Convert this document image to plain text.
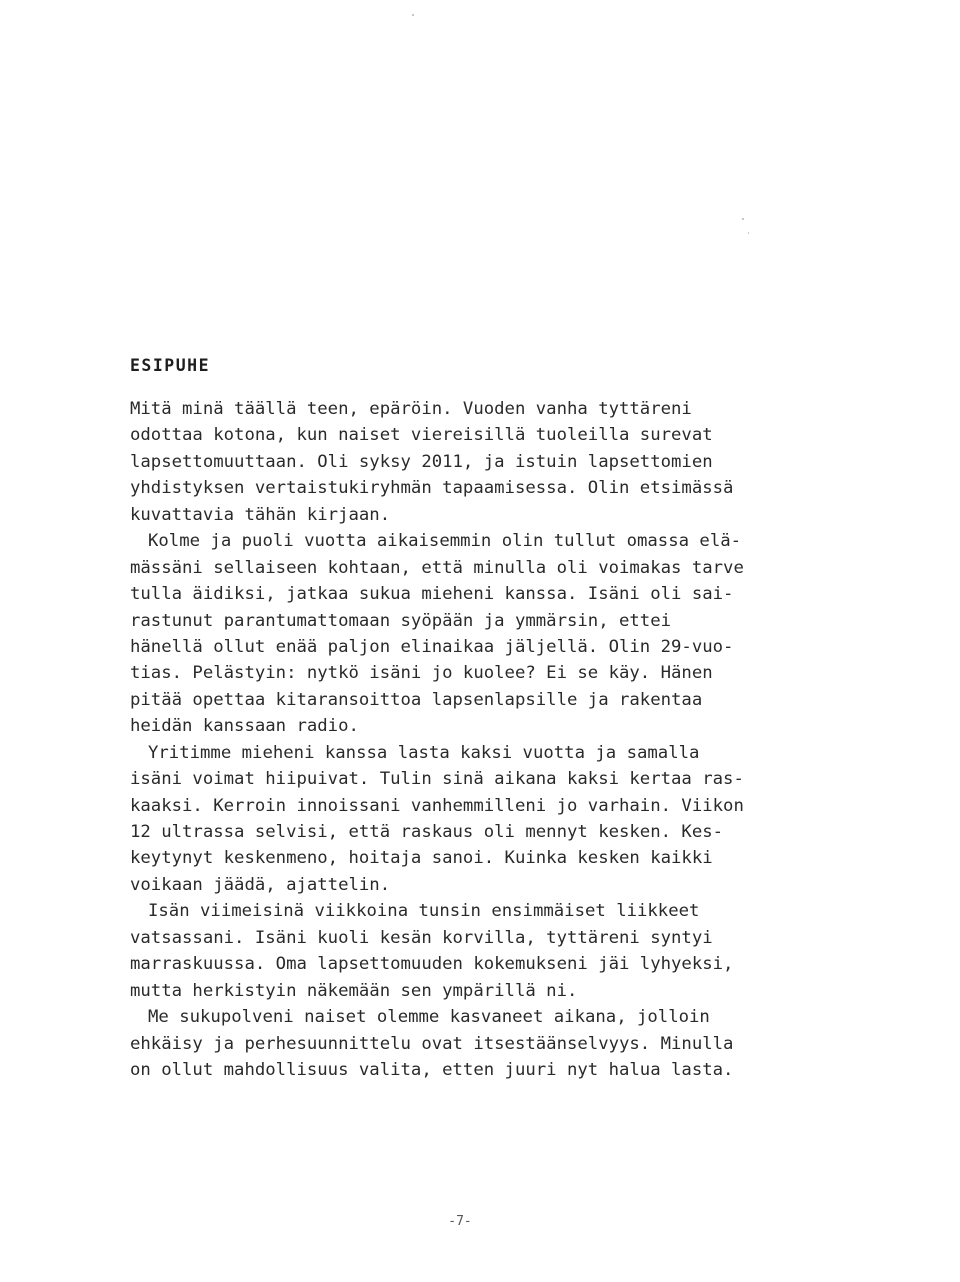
ESIPUHE
Mitä minä täällä teen, epäröin. Vuoden vanha tyttäreni
odottaa kotona, kun naiset viereisillä tuoleilla surevat
lapsettomuuttaan. Oli syksy 2011, ja istuin lapsettomien
yhdistyksen vertaistukiryhmän tapaamisessa. Olin etsimässä
kuvattavia tähän kirjaan.
Kolme ja puoli vuotta aikaisemmin olin tullut omassa elä-
mässäni sellaiseen kohtaan, että minulla oli voimakas tarve
tulla äidiksi, jatkaa sukua mieheni kanssa. Isäni oli sai-
rastunut parantumattomaan syöpään ja ymmärsin, ettei
hänellä ollut enää paljon elinaikaa jäljellä. Olin 29-vuo-
tias. Pelästyin: nytkö isäni jo kuolee? Ei se käy. Hänen
pitää opettaa kitaransoittoa lapsenlapsille ja rakentaa
heidän kanssaan radio.
Yritimme mieheni kanssa lasta kaksi vuotta ja samalla
isäni voimat hiipuivat. Tulin sinä aikana kaksi kertaa ras-
kaaksi. Kerroin innoissani vanhemmilleni jo varhain. Viikon
12 ultrassa selvisi, että raskaus oli mennyt kesken. Kes-
keytynyt keskenmeno, hoitaja sanoi. Kuinka kesken kaikki
voikaan jäädä, ajattelin.
Isän viimeisinä viikkoina tunsin ensimmäiset liikkeet
vatsassani. Isäni kuoli kesän korvilla, tyttäreni syntyi
marraskuussa. Oma lapsettomuuden kokemukseni jäi lyhyeksi,
mutta herkistyin näkemään sen ympärillä ni.
Me sukupolveni naiset olemme kasvaneet aikana, jolloin
ehkäisy ja perhesuunnittelu ovat itsestäänselvyys. Minulla
on ollut mahdollisuus valita, etten juuri nyt halua lasta.
-7-
